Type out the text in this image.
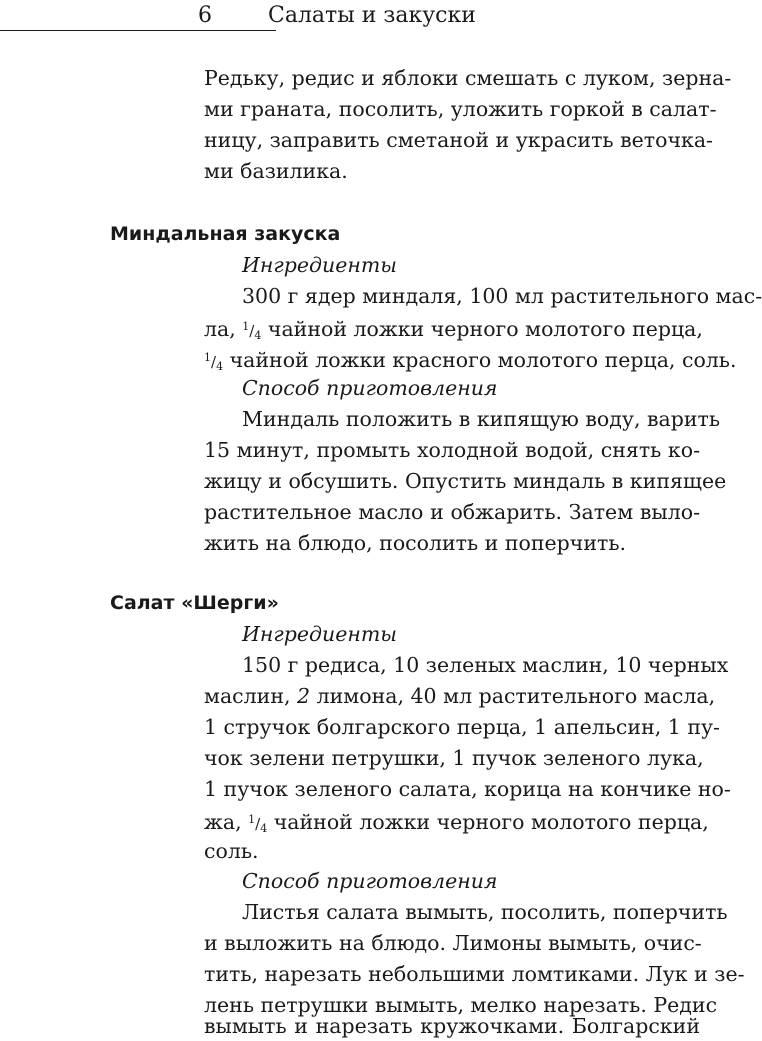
6	Салаты и закуски
Редьку, редис и яблоки смешать с луком, зерна-
ми граната, посолить, уложить горкой в салат-
ницу, заправить сметаной и украсить веточка-
ми базилика.
Миндальная закуска
Ингредиенты
300 г ядер миндаля, 100 мл растительного мас-
ла, $^1/_4$ чайной ложки черного молотого перца,
$^1/_4$ чайной ложки красного молотого перца, соль.
Способ приготовления
Миндаль положить в кипящую воду, варить
15 минут, промыть холодной водой, снять ко-
жицу и обсушить. Опустить миндаль в кипящее
растительное масло и обжарить. Затем выло-
жить на блюдо, посолить и поперчить.
Салат «Шерги»
Ингредиенты
150 г редиса, 10 зеленых маслин, 10 черных
маслин, 2 лимона, 40 мл растительного масла,
1 стручок болгарского перца, 1 апельсин, 1 пу-
чок зелени петрушки, 1 пучок зеленого лука,
1 пучок зеленого салата, корица на кончике но-
жа, $^1/_4$ чайной ложки черного молотого перца,
соль.
Способ приготовления
Листья салата вымыть, посолить, поперчить
и выложить на блюдо. Лимоны вымыть, очис-
тить, нарезать небольшими ломтиками. Лук и зе-
лень петрушки вымыть, мелко нарезать. Редис
вымыть и нарезать кружочками. Болгарский
